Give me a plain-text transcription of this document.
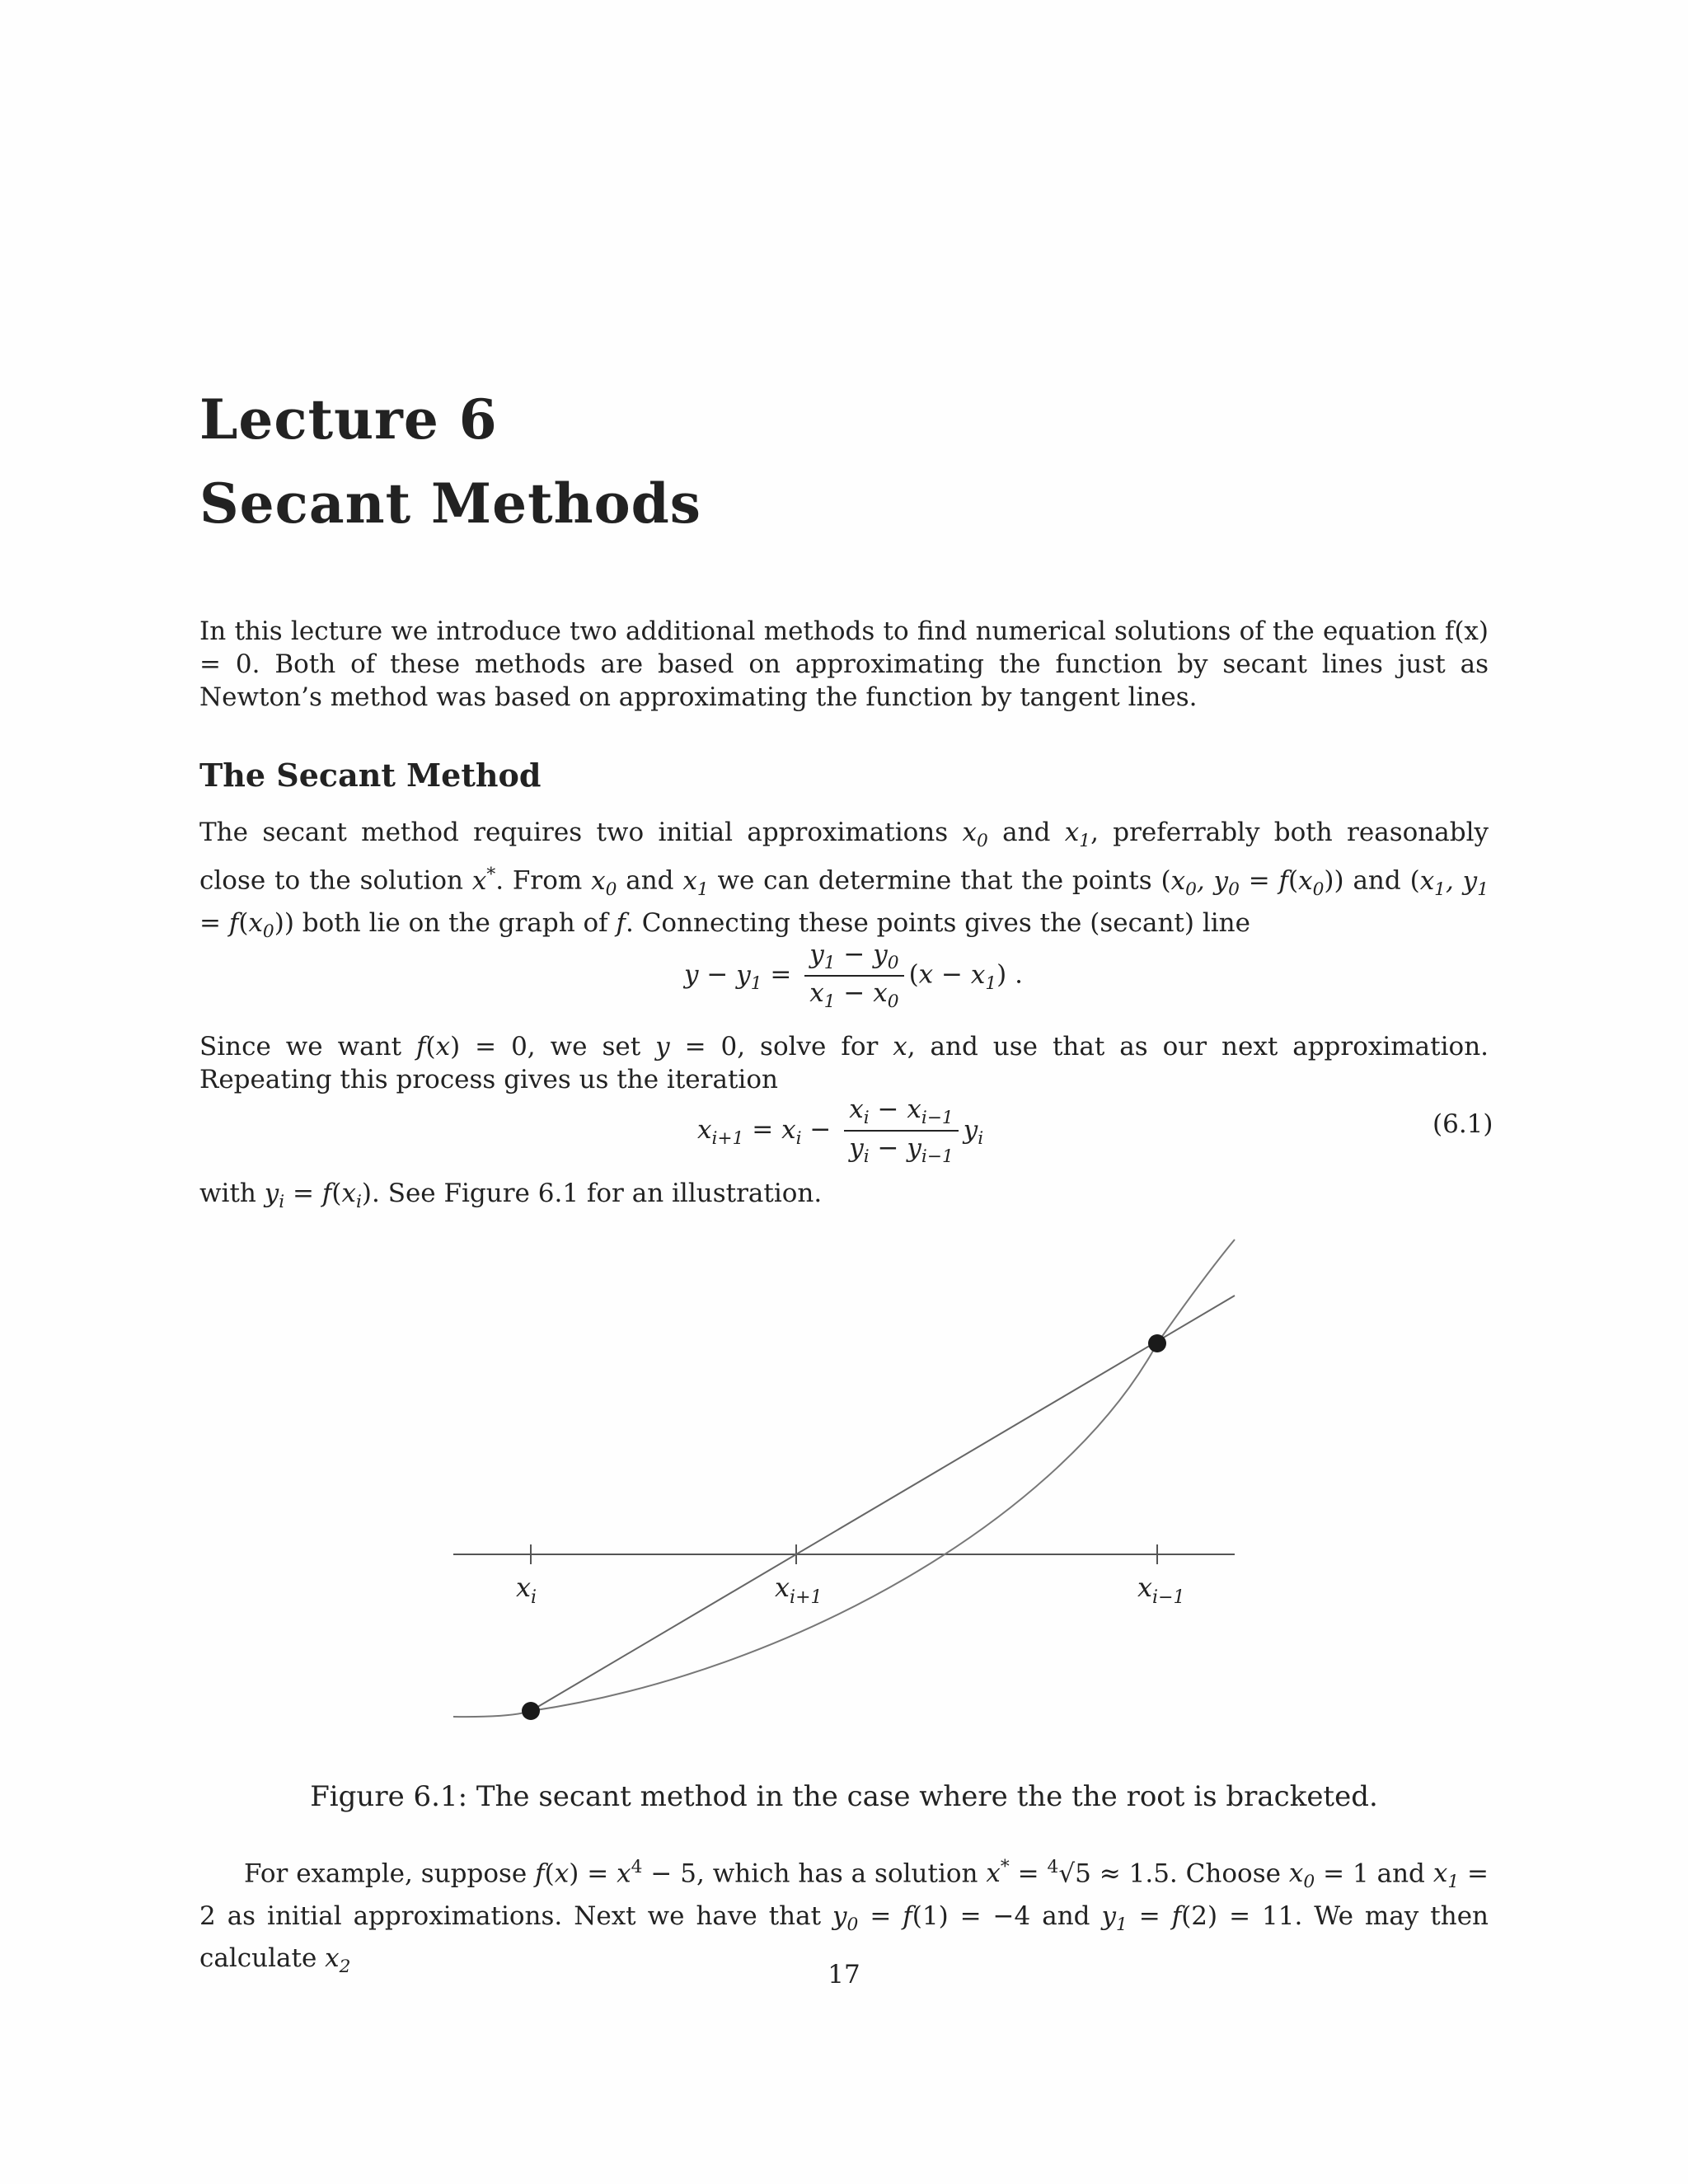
Lecture 6
Secant Methods
In this lecture we introduce two additional methods to find numerical solutions of the equation f(x) = 0. Both of these methods are based on approximating the function by secant lines just as Newton’s method was based on approximating the function by tangent lines.
The Secant Method
The secant method requires two initial approximations $x_0$ and $x_1$, preferrably both reasonably close to the solution x*. From $x_0$ and $x_1$ we can determine that the points ($x_0$, $y_0 = f(x_0)$) and ($x_1$, $y_1 = f(x_0)$) both lie on the graph of f. Connecting these points gives the (secant) line
$y - y_1 = \frac{y_1 - y_0}{x_1 - x_0} (x - x_1)$ .
Since we want f(x) = 0, we set y = 0, solve for x, and use that as our next approximation. Repeating this process gives us the iteration
$x_{i+1} = x_i - \frac{x_i - x_{i-1}}{y_i - y_{i-1}} y_i$	(6.1)
with $y_i = f(x_i)$. See Figure 6.1 for an illustration.
$x_i$	$x_{i+1}$	$x_{i-1}$
Figure 6.1: The secant method in the case where the the root is bracketed.
For example, suppose $f(x) = x^4 - 5$, which has a solution x* = $^4$√5 ≈ 1.5. Choose $x_0 = 1$ and $x_1 = 2$ as initial approximations. Next we have that $y_0 = f(1) = -4$ and $y_1 = f(2) = 11$. We may then calculate $x_2$	17
